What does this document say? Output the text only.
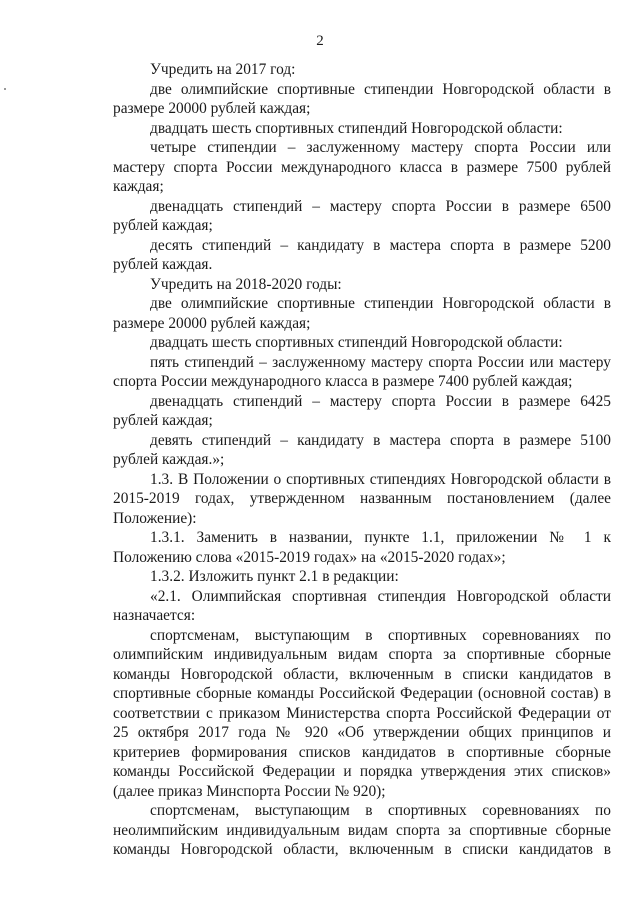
2

Учредить на 2017 год:

две олимпийские спортивные стипендии Новгородской области в размере 20000 рублей каждая;

двадцать шесть спортивных стипендий Новгородской области:

четыре стипендии – заслуженному мастеру спорта России или мастеру спорта России международного класса в размере 7500 рублей каждая;

двенадцать стипендий – мастеру спорта России в размере 6500 рублей каждая;

десять стипендий – кандидату в мастера спорта в размере 5200 рублей каждая.

Учредить на 2018-2020 годы:

две олимпийские спортивные стипендии Новгородской области в размере 20000 рублей каждая;

двадцать шесть спортивных стипендий Новгородской области:

пять стипендий – заслуженному мастеру спорта России или мастеру спорта России международного класса в размере 7400 рублей каждая;

двенадцать стипендий – мастеру спорта России в размере 6425 рублей каждая;

девять стипендий – кандидату в мастера спорта в размере 5100 рублей каждая.»;

1.3. В Положении о спортивных стипендиях Новгородской области в 2015-2019 годах, утвержденном названным постановлением (далее Положение):

1.3.1. Заменить в названии, пункте 1.1, приложении № 1 к Положению слова «2015-2019 годах» на «2015-2020 годах»;

1.3.2. Изложить пункт 2.1 в редакции:

«2.1. Олимпийская спортивная стипендия Новгородской области назначается:

спортсменам, выступающим в спортивных соревнованиях по олимпийским индивидуальным видам спорта за спортивные сборные команды Новгородской области, включенным в списки кандидатов в спортивные сборные команды Российской Федерации (основной состав) в соответствии с приказом Министерства спорта Российской Федерации от 25 октября 2017 года № 920 «Об утверждении общих принципов и критериев формирования списков кандидатов в спортивные сборные команды Российской Федерации и порядка утверждения этих списков» (далее приказ Минспорта России № 920);

спортсменам, выступающим в спортивных соревнованиях по неолимпийским индивидуальным видам спорта за спортивные сборные команды Новгородской области, включенным в списки кандидатов в
